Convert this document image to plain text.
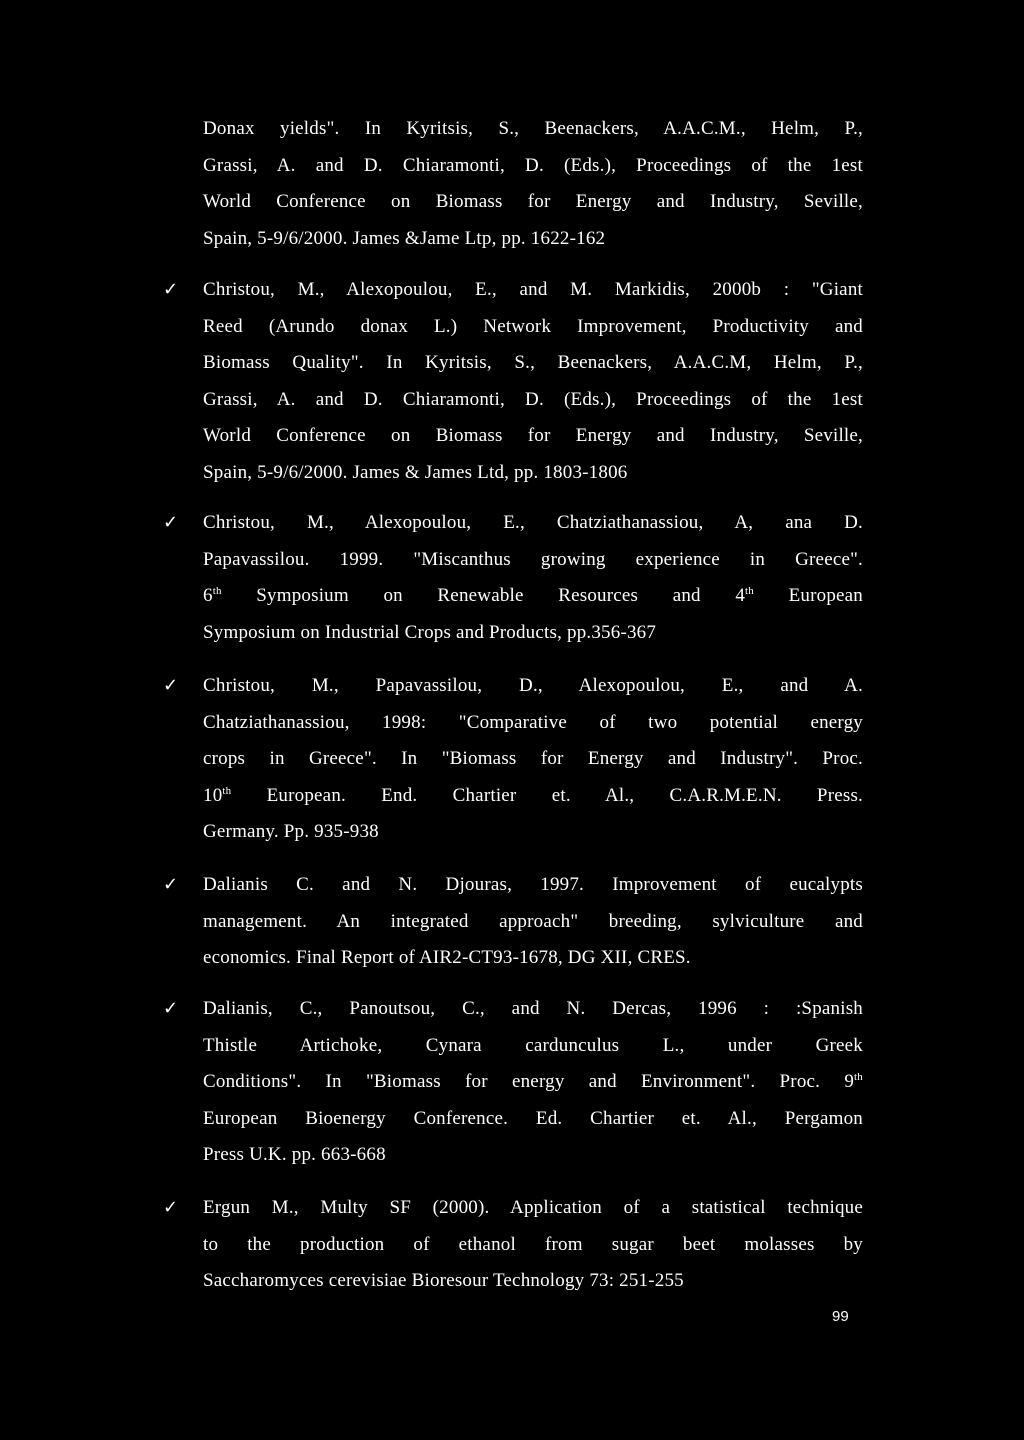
Donax yields". In Kyritsis, S., Beenackers, A.A.C.M., Helm, P.,
Grassi, A. and D. Chiaramonti, D. (Eds.), Proceedings of the 1est
World Conference on Biomass for Energy and Industry, Seville,
Spain, 5-9/6/2000. James &Jame Ltp, pp. 1622-162
✓ Christou, M., Alexopoulou, E., and M. Markidis, 2000b : "Giant
Reed (Arundo donax L.) Network Improvement, Productivity and
Biomass Quality". In Kyritsis, S., Beenackers, A.A.C.M, Helm, P.,
Grassi, A. and D. Chiaramonti, D. (Eds.), Proceedings of the 1est
World Conference on Biomass for Energy and Industry, Seville,
Spain, 5-9/6/2000. James & James Ltd, pp. 1803-1806
✓ Christou, M., Alexopoulou, E., Chatziathanassiou, A, ana D.
Papavassilou. 1999. "Miscanthus growing experience in Greece".
6th Symposium on Renewable Resources and 4th European
Symposium on Industrial Crops and Products, pp.356-367
✓ Christou, M., Papavassilou, D., Alexopoulou, E., and A.
Chatziathanassiou, 1998: "Comparative of two potential energy
crops in Greece". In "Biomass for Energy and Industry". Proc.
10th European. End. Chartier et. Al., C.A.R.M.E.N. Press.
Germany. Pp. 935-938
✓ Dalianis C. and N. Djouras, 1997. Improvement of eucalypts
management. An integrated approach" breeding, sylviculture and
economics. Final Report of AIR2-CT93-1678, DG XII, CRES.
✓ Dalianis, C., Panoutsou, C., and N. Dercas, 1996 : :Spanish
Thistle Artichoke, Cynara cardunculus L., under Greek
Conditions". In "Biomass for energy and Environment". Proc. 9th
European Bioenergy Conference. Ed. Chartier et. Al., Pergamon
Press U.K. pp. 663-668
✓ Ergun M., Multy SF (2000). Application of a statistical technique
to the production of ethanol from sugar beet molasses by
Saccharomyces cerevisiae Bioresour Technology 73: 251-255
99
